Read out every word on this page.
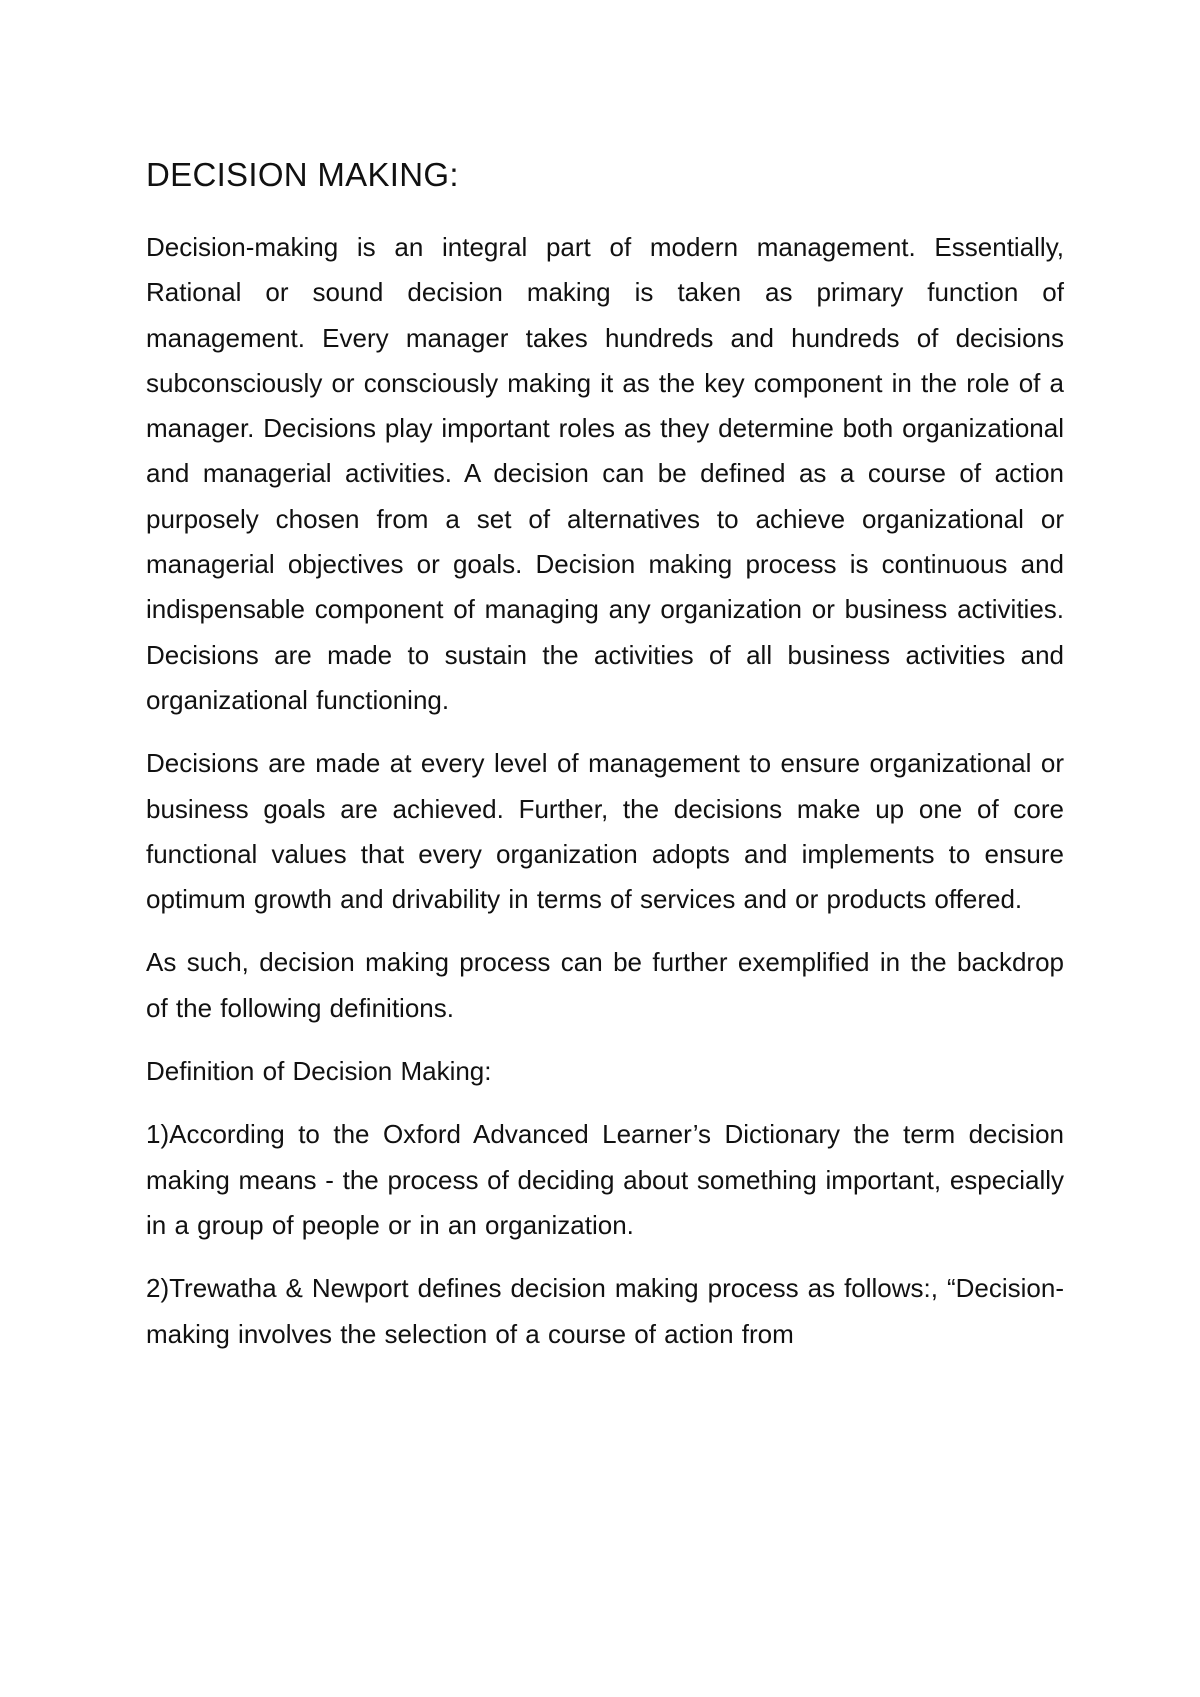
DECISION MAKING:

Decision-making is an integral part of modern management. Essentially, Rational or sound decision making is taken as primary function of management. Every manager takes hundreds and hundreds of decisions subconsciously or consciously making it as the key component in the role of a manager. Decisions play important roles as they determine both organizational and managerial activities. A decision can be defined as a course of action purposely chosen from a set of alternatives to achieve organizational or managerial objectives or goals. Decision making process is continuous and indispensable component of managing any organization or business activities. Decisions are made to sustain the activities of all business activities and organizational functioning.

Decisions are made at every level of management to ensure organizational or business goals are achieved. Further, the decisions make up one of core functional values that every organization adopts and implements to ensure optimum growth and drivability in terms of services and or products offered.

As such, decision making process can be further exemplified in the backdrop of the following definitions.

Definition of Decision Making:

1)According to the Oxford Advanced Learner’s Dictionary the term decision making means - the process of deciding about something important, especially in a group of people or in an organization.

2)Trewatha & Newport defines decision making process as follows:, “Decision-making involves the selection of a course of action from
